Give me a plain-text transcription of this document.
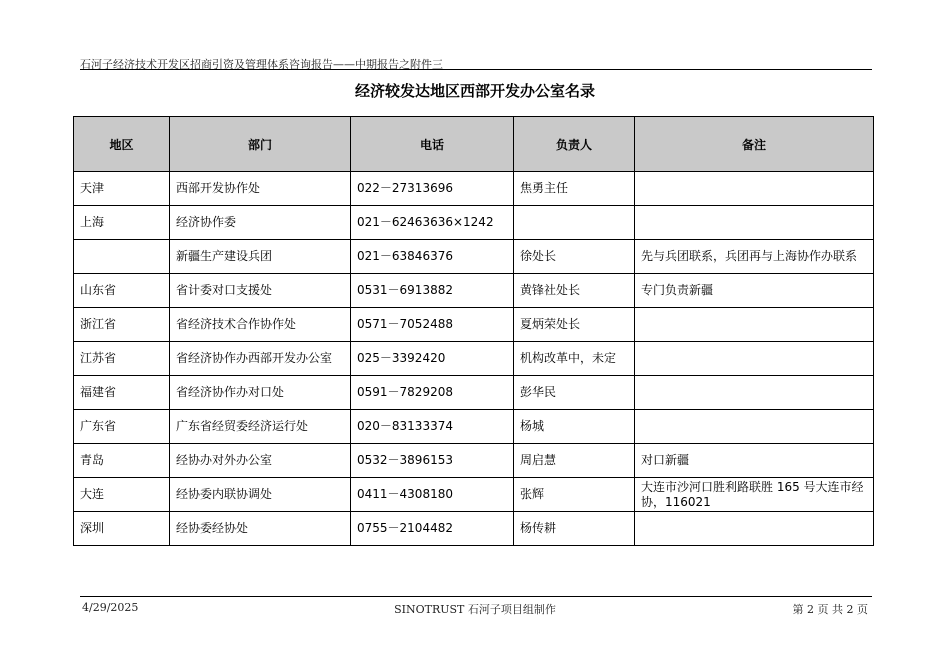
石河子经济技术开发区招商引资及管理体系咨询报告——中期报告之附件三
经济较发达地区西部开发办公室名录
地区	部门	电话	负责人	备注
天津	西部开发协作处	022－27313696	焦勇主任	
上海	经济协作委	021－62463636×1242		
	新疆生产建设兵团	021－63846376	徐处长	先与兵团联系，兵团再与上海协作办联系
山东省	省计委对口支援处	0531－6913882	黄锋社处长	专门负责新疆
浙江省	省经济技术合作协作处	0571－7052488	夏炳荣处长	
江苏省	省经济协作办西部开发办公室	025－3392420	机构改革中，未定	
福建省	省经济协作办对口处	0591－7829208	彭华民	
广东省	广东省经贸委经济运行处	020－83133374	杨城	
青岛	经协办对外办公室	0532－3896153	周启慧	对口新疆
大连	经协委内联协调处	0411－4308180	张辉	大连市沙河口胜利路联胜 165 号大连市经协，116021
深圳	经协委经协处	0755－2104482	杨传耕	
4/29/2025	SINOTRUST 石河子项目组制作	第 2 页 共 2 页
